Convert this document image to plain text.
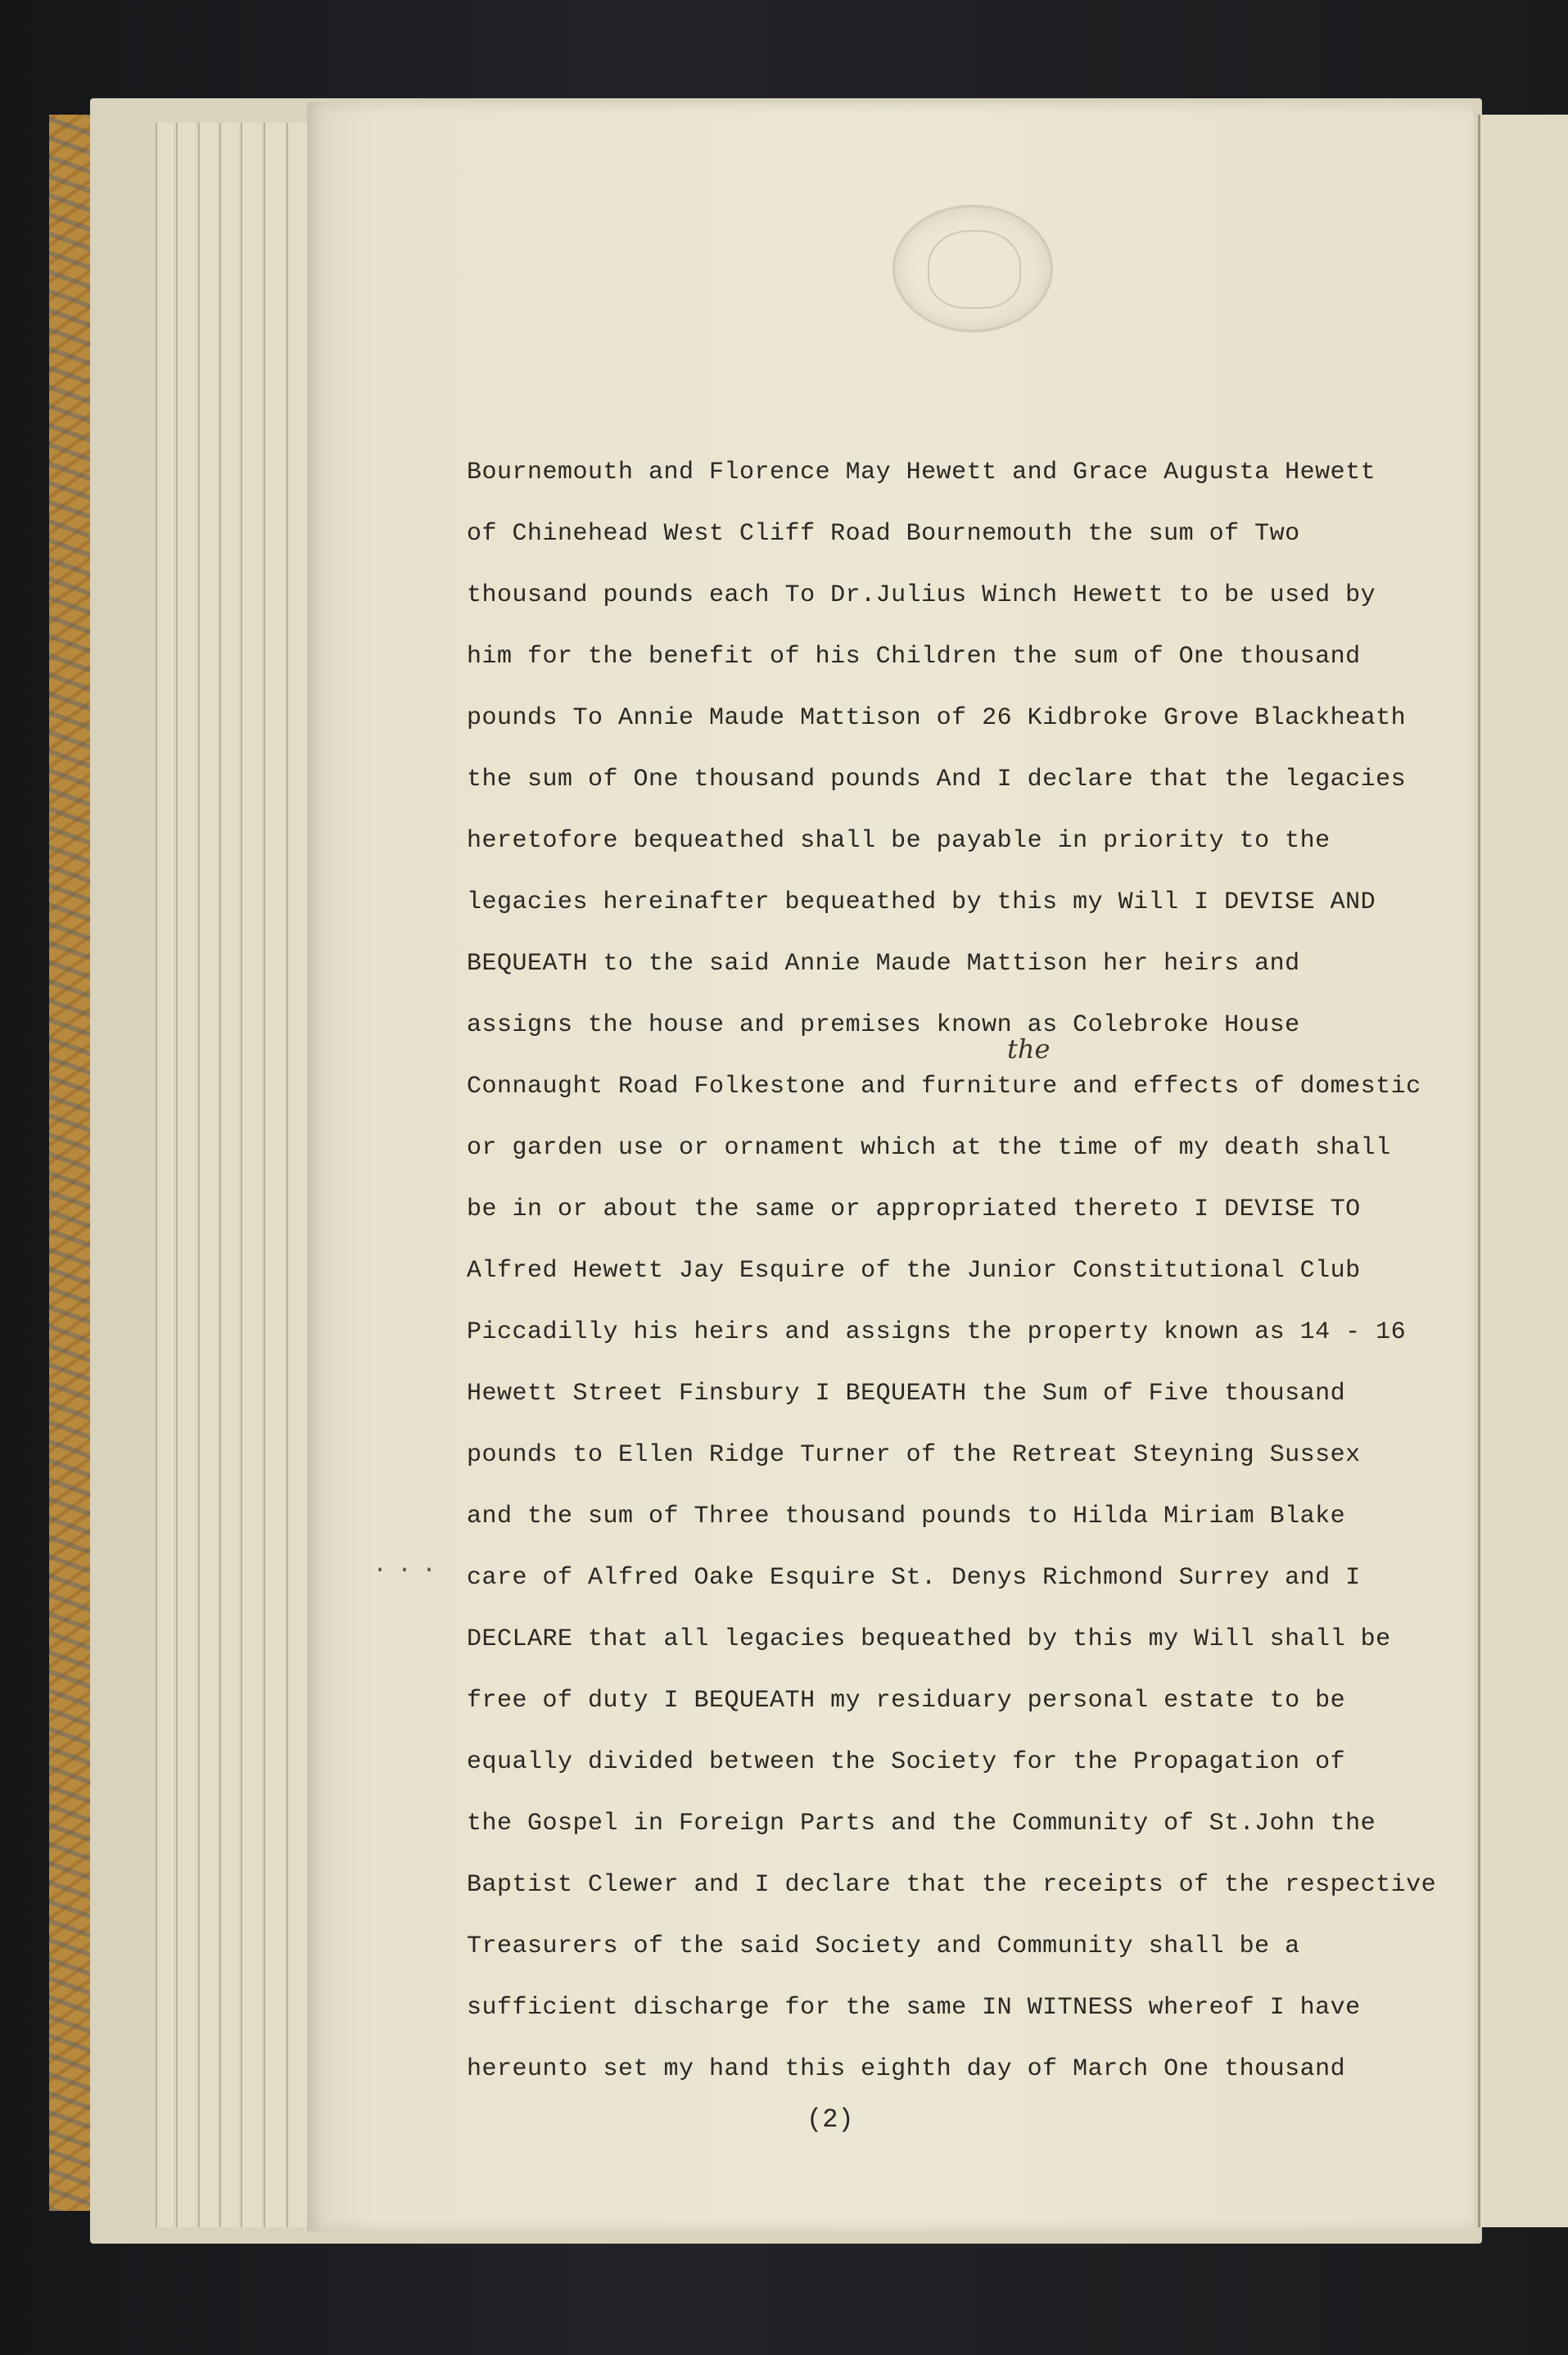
Bournemouth and Florence May Hewett and Grace Augusta Hewett
of Chinehead West Cliff Road Bournemouth the sum of Two
thousand pounds each To Dr.Julius Winch Hewett to be used by
him for the benefit of his Children the sum of One thousand
pounds To Annie Maude Mattison of 26 Kidbroke Grove Blackheath
the sum of One thousand pounds And I declare that the legacies
heretofore bequeathed shall be payable in priority to the
legacies hereinafter bequeathed by this my Will I DEVISE AND
BEQUEATH to the said Annie Maude Mattison her heirs and
assigns the house and premises known as Colebroke House
Connaught Road Folkestone and furniture and effects of domestic
or garden use or ornament which at the time of my death shall
be in or about the same or appropriated thereto I DEVISE TO
Alfred Hewett Jay Esquire of the Junior Constitutional Club
Piccadilly his heirs and assigns the property known as 14 - 16
Hewett Street Finsbury I BEQUEATH the Sum of Five thousand
pounds to Ellen Ridge Turner of the Retreat Steyning Sussex
and the sum of Three thousand pounds to Hilda Miriam Blake
care of Alfred Oake Esquire St. Denys Richmond Surrey and I
DECLARE that all legacies bequeathed by this my Will shall be
free of duty I BEQUEATH my residuary personal estate to be
equally divided between the Society for the Propagation of
the Gospel in Foreign Parts and the Community of St.John the
Baptist Clewer and I declare that the receipts of the respective
Treasurers of the said Society and Community shall be a
sufficient discharge for the same IN WITNESS whereof I have
hereunto set my hand this eighth day of March One thousand
the
...
(2)
